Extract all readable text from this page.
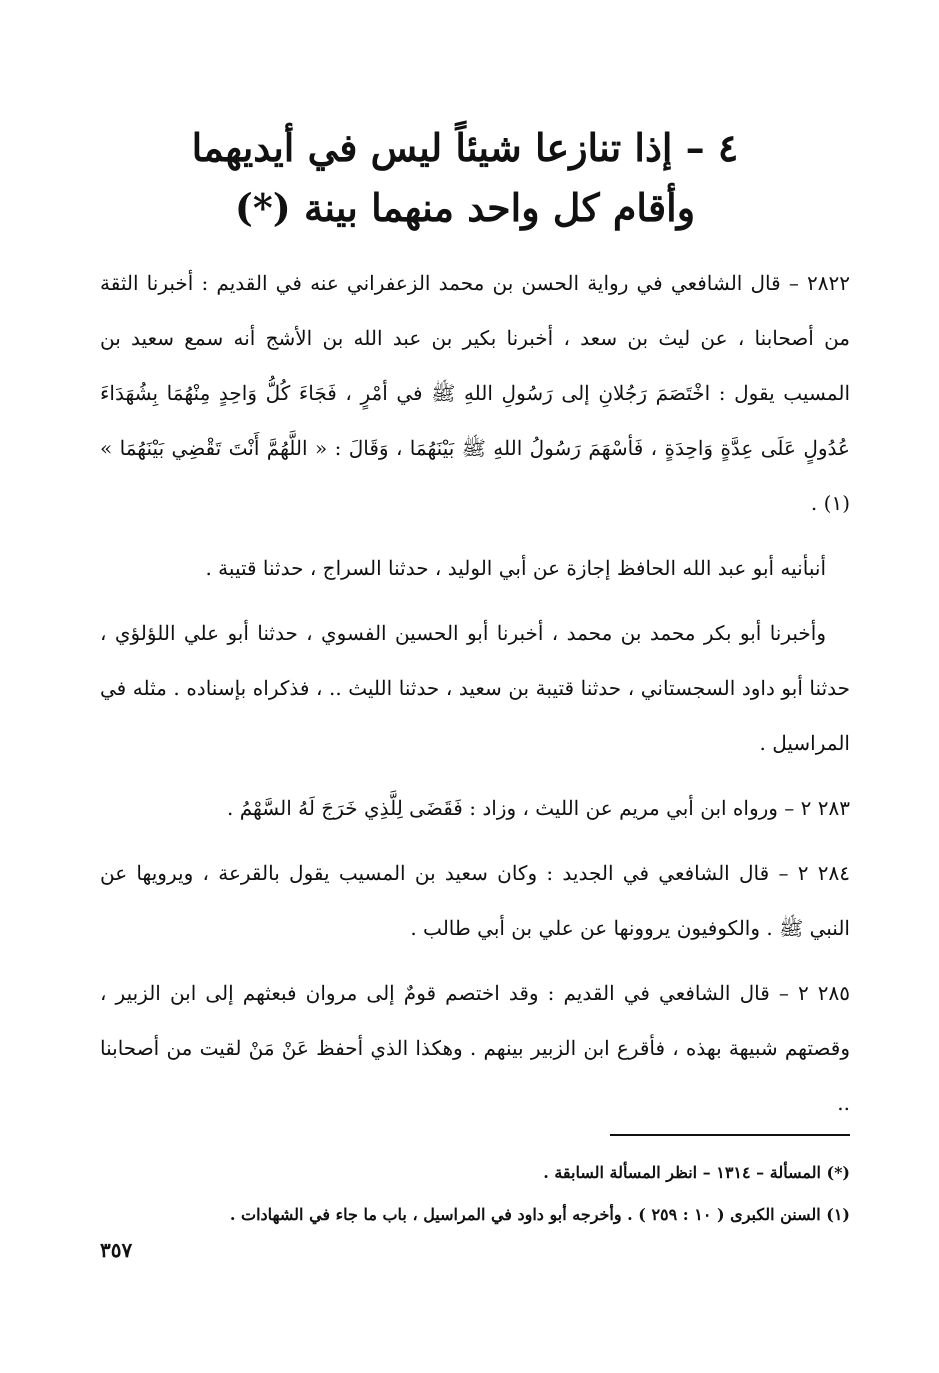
٤ – إذا تنازعا شيئاً ليس في أيديهما
وأقام كل واحد منهما بينة (*)

٢٨٢٢ – قال الشافعي في رواية الحسن بن محمد الزعفراني عنه في القديم : أخبرنا الثقة من أصحابنا ، عن ليث بن سعد ، أخبرنا بكير بن عبد الله بن الأشج أنه سمع سعيد بن المسيب يقول : اخْتَصَمَ رَجُلانِ إلى رَسُولِ اللهِ ﷺ في أمْرٍ ، فَجَاءَ كُلُّ وَاحِدٍ مِنْهُمَا بِشُهَدَاءَ عُدُولٍ عَلَى عِدَّةٍ وَاحِدَةٍ ، فَأسْهَمَ رَسُولُ اللهِ ﷺ بَيْنَهُمَا ، وَقَالَ : « اللَّهُمَّ أَنْتَ تَقْضِي بَيْنَهُمَا » (١) .

أنبأنيه أبو عبد الله الحافظ إجازة عن أبي الوليد ، حدثنا السراج ، حدثنا قتيبة .

وأخبرنا أبو بكر محمد بن محمد ، أخبرنا أبو الحسين الفسوي ، حدثنا أبو علي اللؤلؤي ، حدثنا أبو داود السجستاني ، حدثنا قتيبة بن سعيد ، حدثنا الليث .. ، فذكراه بإسناده . مثله في المراسيل .

٢٨٣ ٢ – ورواه ابن أبي مريم عن الليث ، وزاد : فَقَضَى لِلَّذِي خَرَجَ لَهُ السَّهْمُ .

٢٨٤ ٢ – قال الشافعي في الجديد : وكان سعيد بن المسيب يقول بالقرعة ، ويرويها عن النبي ﷺ . والكوفيون يروونها عن علي بن أبي طالب .

٢٨٥ ٢ – قال الشافعي في القديم : وقد اختصم قومٌ إلى مروان فبعثهم إلى ابن الزبير ، وقصتهم شبيهة بهذه ، فأقرع ابن الزبير بينهم . وهكذا الذي أحفظ عَنْ مَنْ لقيت من أصحابنا ..

(*) المسألة – ١٣١٤ – انظر المسألة السابقة .
(١) السنن الكبرى ( ١٠ : ٢٥٩ ) . وأخرجه أبو داود في المراسيل ، باب ما جاء في الشهادات .
٣٥٧
